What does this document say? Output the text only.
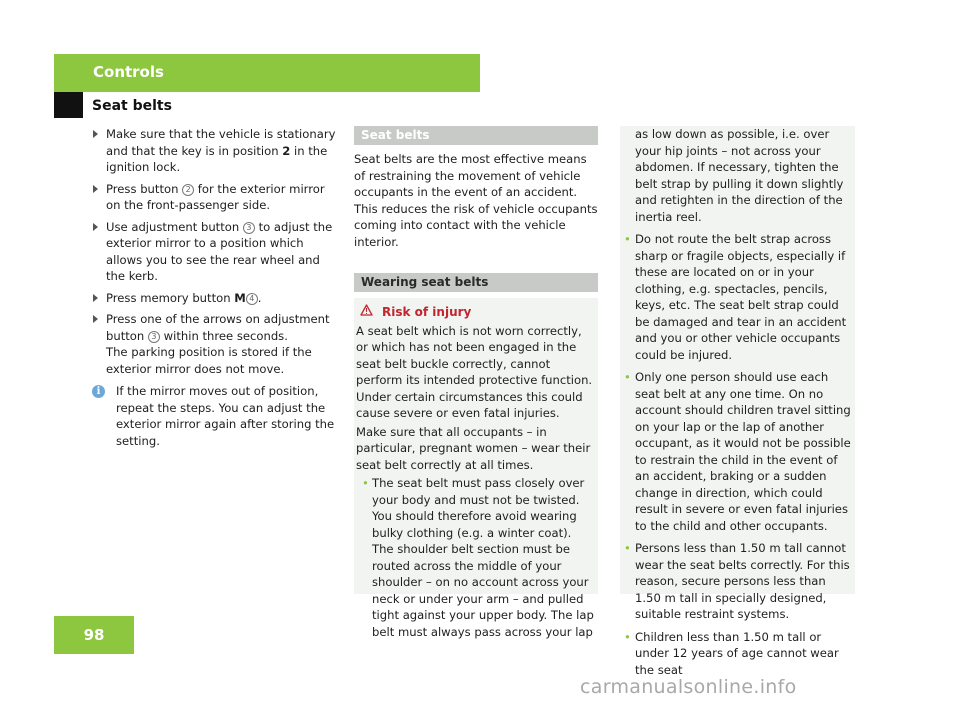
Controls
Seat belts
Make sure that the vehicle is stationary and that the key is in position 2 in the ignition lock.
Press button 2 for the exterior mirror on the front-passenger side.
Use adjustment button 3 to adjust the exterior mirror to a position which allows you to see the rear wheel and the kerb.
Press memory button M 4 .
Press one of the arrows on adjustment button 3 within three seconds.
The parking position is stored if the exterior mirror does not move.
i	If the mirror moves out of position, repeat the steps. You can adjust the exterior mirror again after storing the setting.
Seat belts
Seat belts are the most effective means of restraining the movement of vehicle occupants in the event of an accident. This reduces the risk of vehicle occupants coming into contact with the vehicle interior.
Wearing seat belts
Risk of injury
A seat belt which is not worn correctly, or which has not been engaged in the seat belt buckle correctly, cannot perform its intended protective function. Under certain circumstances this could cause severe or even fatal injuries.
Make sure that all occupants – in particular, pregnant women – wear their seat belt correctly at all times.
• The seat belt must pass closely over your body and must not be twisted. You should therefore avoid wearing bulky clothing (e.g. a winter coat). The shoulder belt section must be routed across the middle of your shoulder – on no account across your neck or under your arm – and pulled tight against your upper body. The lap belt must always pass across your lap
as low down as possible, i.e. over your hip joints – not across your abdomen. If necessary, tighten the belt strap by pulling it down slightly and retighten in the direction of the inertia reel.
• Do not route the belt strap across sharp or fragile objects, especially if these are located on or in your clothing, e.g. spectacles, pencils, keys, etc. The seat belt strap could be damaged and tear in an accident and you or other vehicle occupants could be injured.
• Only one person should use each seat belt at any one time. On no account should children travel sitting on your lap or the lap of another occupant, as it would not be possible to restrain the child in the event of an accident, braking or a sudden change in direction, which could result in severe or even fatal injuries to the child and other occupants.
• Persons less than 1.50 m tall cannot wear the seat belts correctly. For this reason, secure persons less than 1.50 m tall in specially designed, suitable restraint systems.
• Children less than 1.50 m tall or under 12 years of age cannot wear the seat
98
carmanualsonline.info
